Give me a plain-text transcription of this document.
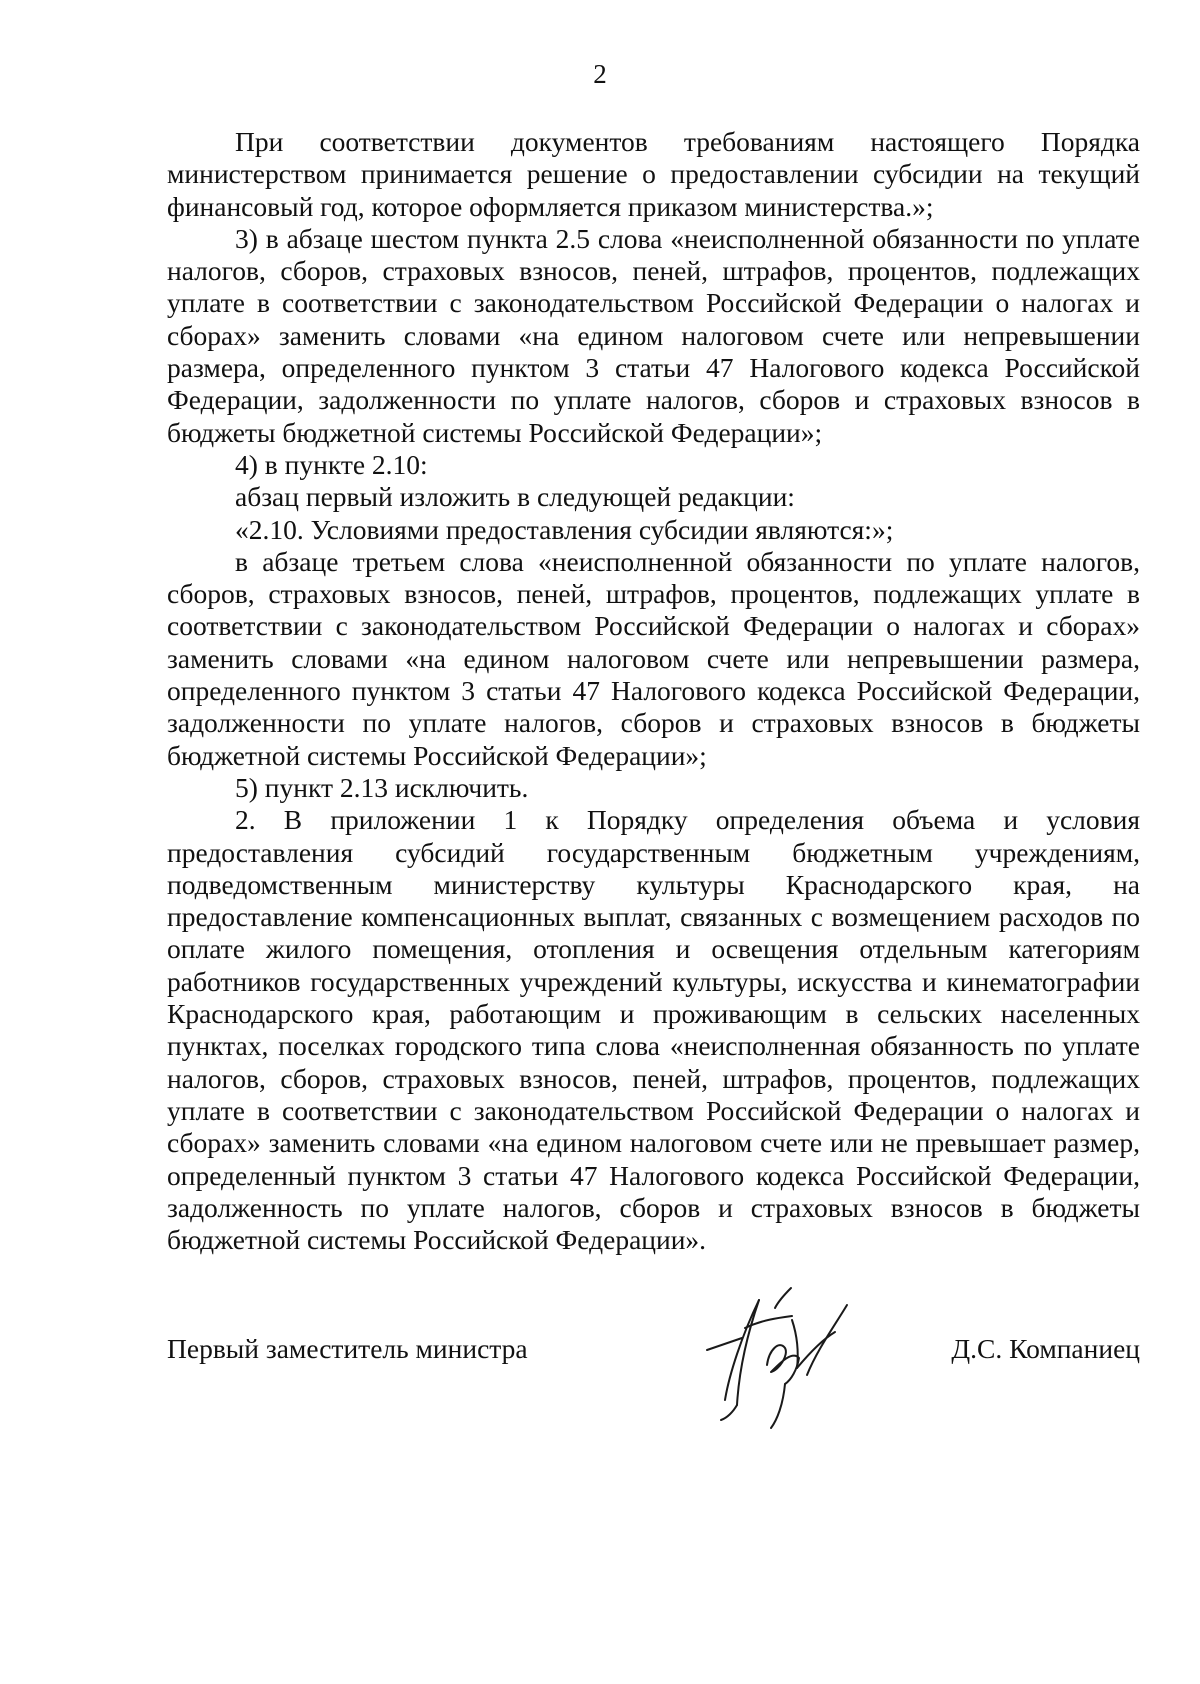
2

При соответствии документов требованиям настоящего Порядка министерством принимается решение о предоставлении субсидии на текущий финансовый год, которое оформляется приказом министерства.»;

3) в абзаце шестом пункта 2.5 слова «неисполненной обязанности по уплате налогов, сборов, страховых взносов, пеней, штрафов, процентов, подлежащих уплате в соответствии с законодательством Российской Федерации о налогах и сборах» заменить словами «на едином налоговом счете или непревышении размера, определенного пунктом 3 статьи 47 Налогового кодекса Российской Федерации, задолженности по уплате налогов, сборов и страховых взносов в бюджеты бюджетной системы Российской Федерации»;

4) в пункте 2.10:

абзац первый изложить в следующей редакции:

«2.10. Условиями предоставления субсидии являются:»;

в абзаце третьем слова «неисполненной обязанности по уплате налогов, сборов, страховых взносов, пеней, штрафов, процентов, подлежащих уплате в соответствии с законодательством Российской Федерации о налогах и сборах» заменить словами «на едином налоговом счете или непревышении размера, определенного пунктом 3 статьи 47 Налогового кодекса Российской Федерации, задолженности по уплате налогов, сборов и страховых взносов в бюджеты бюджетной системы Российской Федерации»;

5) пункт 2.13 исключить.

2. В приложении 1 к Порядку определения объема и условия предоставления субсидий государственным бюджетным учреждениям, подведомственным министерству культуры Краснодарского края, на предоставление компенсационных выплат, связанных с возмещением расходов по оплате жилого помещения, отопления и освещения отдельным категориям работников государственных учреждений культуры, искусства и кинематографии Краснодарского края, работающим и проживающим в сельских населенных пунктах, поселках городского типа слова «неисполненная обязанность по уплате налогов, сборов, страховых взносов, пеней, штрафов, процентов, подлежащих уплате в соответствии с законодательством Российской Федерации о налогах и сборах» заменить словами «на едином налоговом счете или не превышает размер, определенный пунктом 3 статьи 47 Налогового кодекса Российской Федерации, задолженность по уплате налогов, сборов и страховых взносов в бюджеты бюджетной системы Российской Федерации».

Первый заместитель министра	Д.С. Компаниец
